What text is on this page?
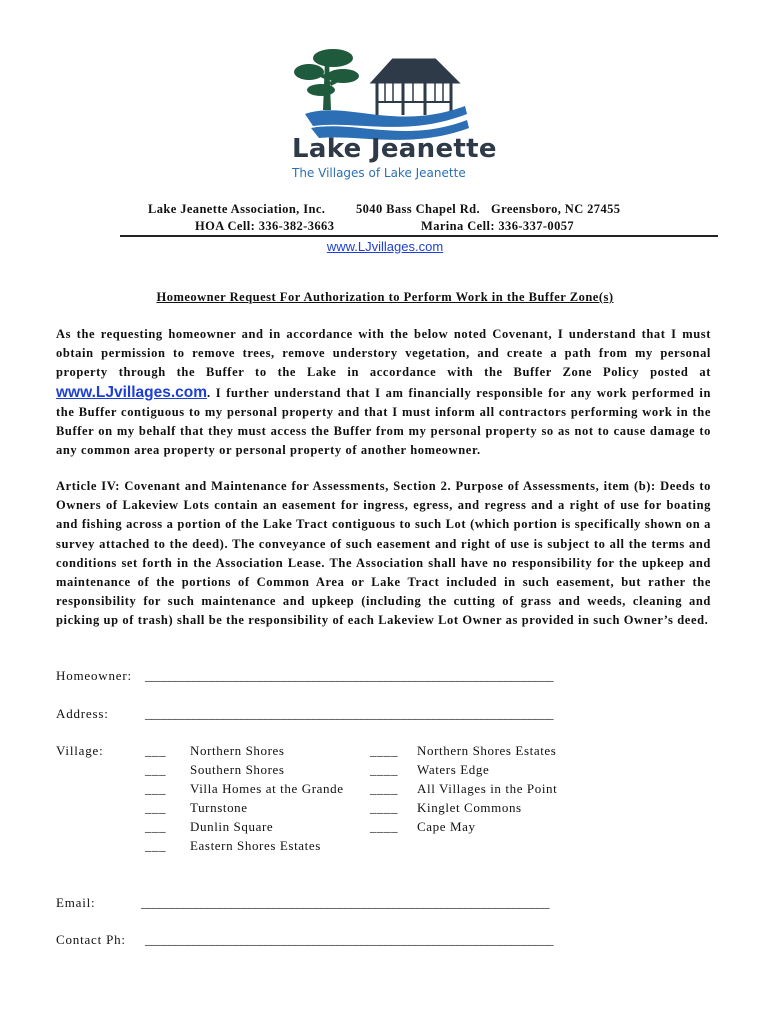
Lake Jeanette
The Villages of Lake Jeanette
Lake Jeanette Association, Inc. 5040 Bass Chapel Rd. Greensboro, NC 27455
HOA Cell: 336-382-3663	Marina Cell: 336-337-0057
www.LJvillages.com
Homeowner Request For Authorization to Perform Work in the Buffer Zone(s)

As the requesting homeowner and in accordance with the below noted Covenant, I understand that I must obtain permission to remove trees, remove understory vegetation, and create a path from my personal property through the Buffer to the Lake in accordance with the Buffer Zone Policy posted at www.LJvillages.com. I further understand that I am financially responsible for any work performed in the Buffer contiguous to my personal property and that I must inform all contractors performing work in the Buffer on my behalf that they must access the Buffer from my personal property so as not to cause damage to any common area property or personal property of another homeowner.

Article IV: Covenant and Maintenance for Assessments, Section 2. Purpose of Assessments, item (b): Deeds to Owners of Lakeview Lots contain an easement for ingress, egress, and regress and a right of use for boating and fishing across a portion of the Lake Tract contiguous to such Lot (which portion is specifically shown on a survey attached to the deed). The conveyance of such easement and right of use is subject to all the terms and conditions set forth in the Association Lease. The Association shall have no responsibility for the upkeep and maintenance of the portions of Common Area or Lake Tract included in such easement, but rather the responsibility for such maintenance and upkeep (including the cutting of grass and weeds, cleaning and picking up of trash) shall be the responsibility of each Lakeview Lot Owner as provided in such Owner’s deed.

Homeowner: ____________________________________________________________________
Address:	____________________________________________________________________
Village:	___ Northern Shores
___ Southern Shores
___ Villa Homes at the Grande
___ Turnstone
___ Dunlin Square
___ Eastern Shores Estates
____ Northern Shores Estates
____ Waters Edge
____ All Villages in the Point
____ Kinglet Commons
____ Cape May
Email:	____________________________________________________________________
Contact Ph: ____________________________________________________________________
